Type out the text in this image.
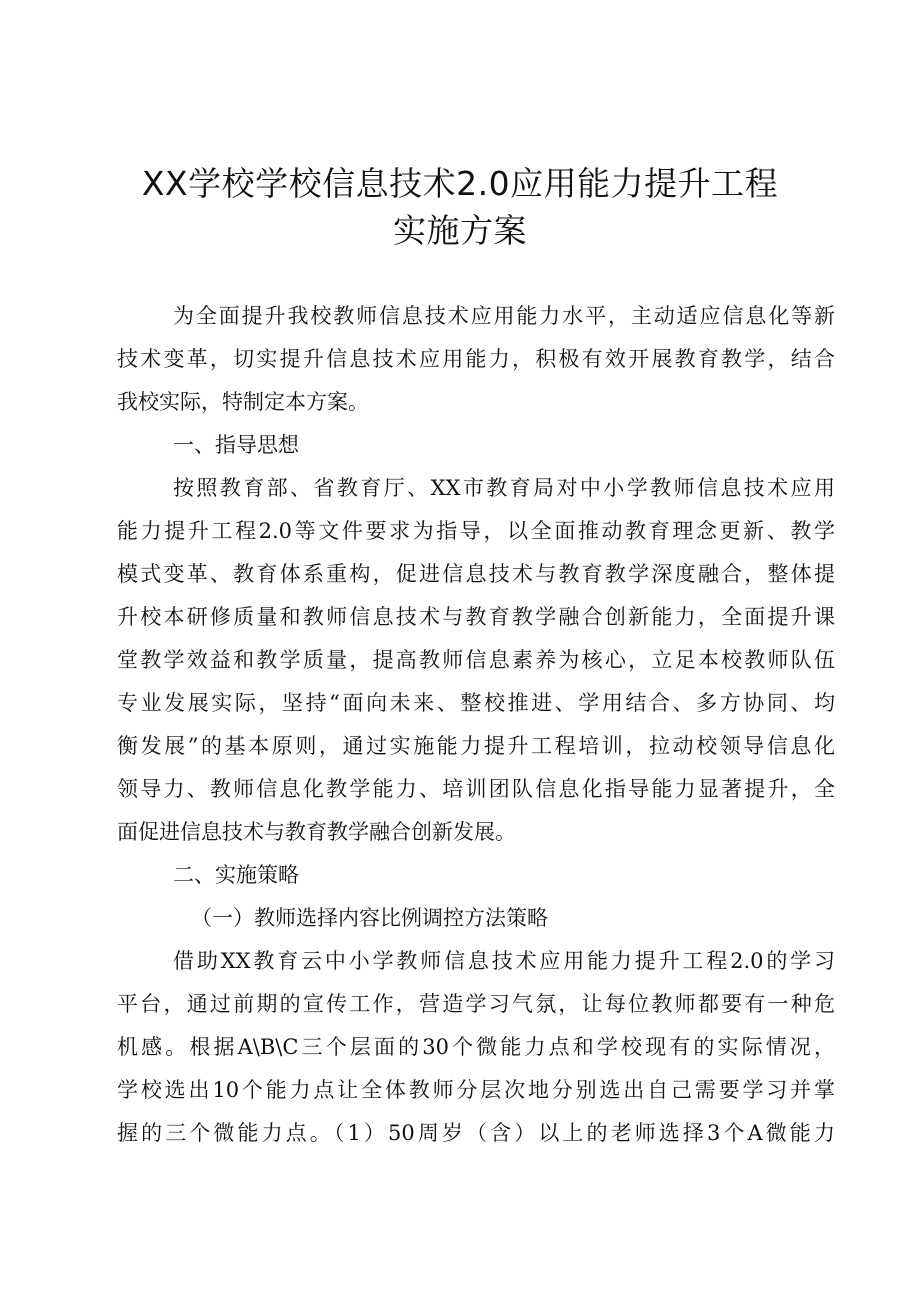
XX学校学校信息技术2.0应用能力提升工程
实施方案
为全面提升我校教师信息技术应用能力水平，主动适应信息化等新
技术变革，切实提升信息技术应用能力，积极有效开展教育教学，结合
我校实际，特制定本方案。
一、指导思想
按照教育部、省教育厅、XX市教育局对中小学教师信息技术应用
能力提升工程2.0等文件要求为指导，以全面推动教育理念更新、教学
模式变革、教育体系重构，促进信息技术与教育教学深度融合，整体提
升校本研修质量和教师信息技术与教育教学融合创新能力，全面提升课
堂教学效益和教学质量，提高教师信息素养为核心，立足本校教师队伍
专业发展实际，坚持“面向未来、整校推进、学用结合、多方协同、均
衡发展”的基本原则，通过实施能力提升工程培训，拉动校领导信息化
领导力、教师信息化教学能力、培训团队信息化指导能力显著提升，全
面促进信息技术与教育教学融合创新发展。
二、实施策略
（一）教师选择内容比例调控方法策略
借助XX教育云中小学教师信息技术应用能力提升工程2.0的学习
平台，通过前期的宣传工作，营造学习气氛，让每位教师都要有一种危
机感。根据A\B\C三个层面的30个微能力点和学校现有的实际情况，
学校选出10个能力点让全体教师分层次地分别选出自己需要学习并掌
握的三个微能力点。（1）50周岁（含）以上的老师选择3个A微能力
